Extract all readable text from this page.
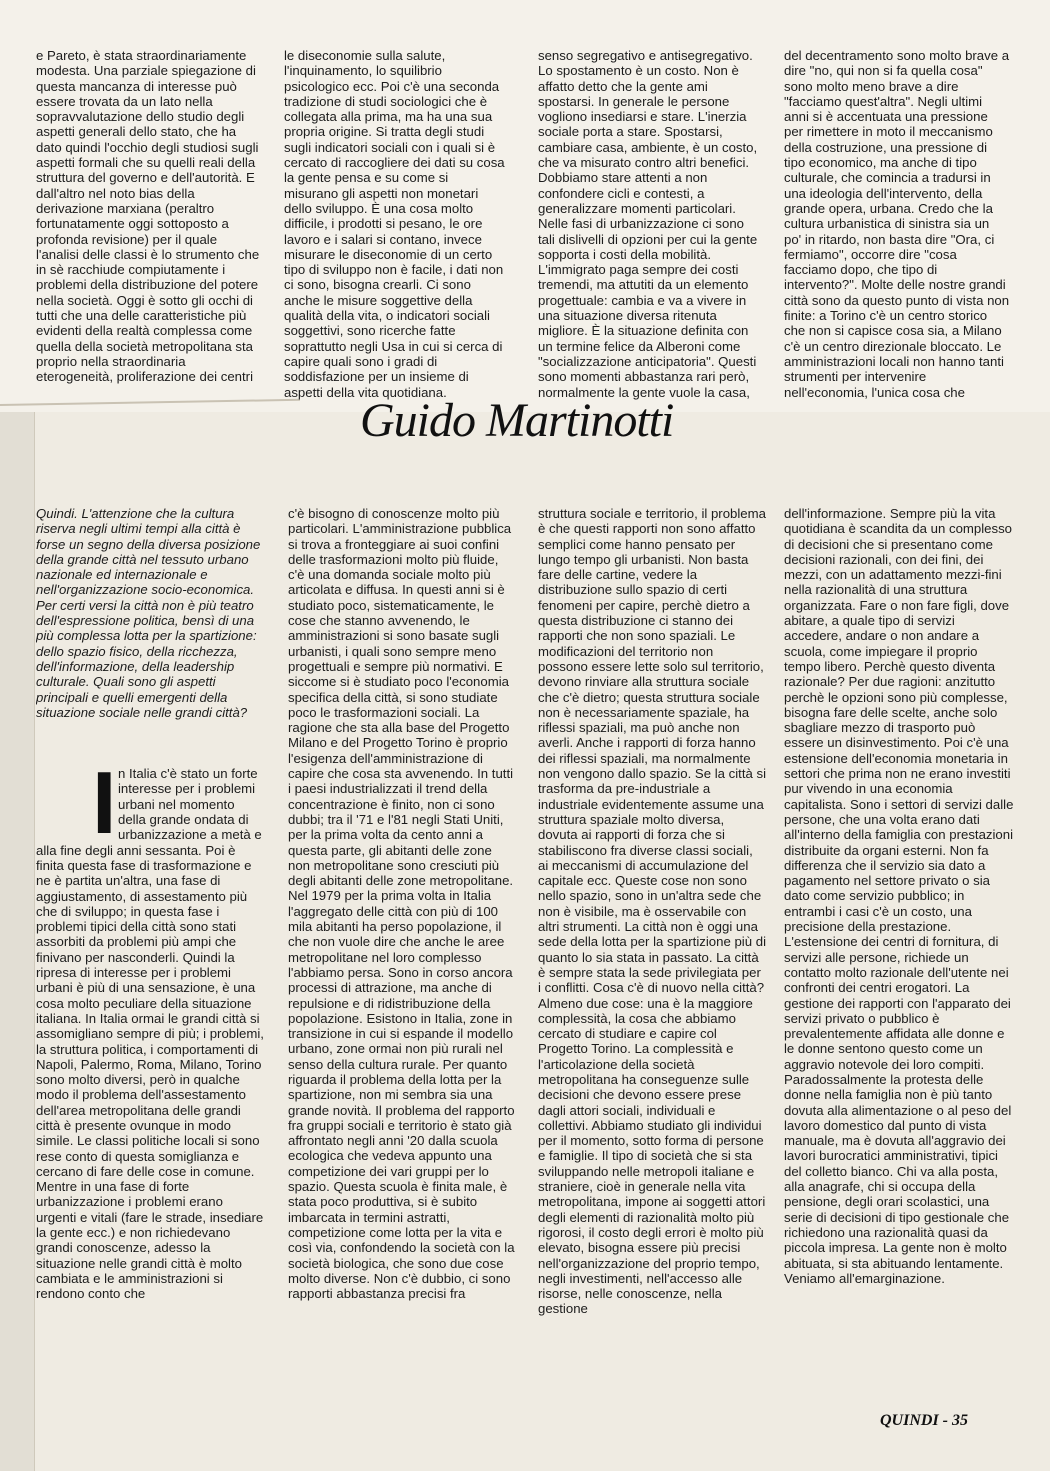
e Pareto, è stata straordinariamente modesta. Una parziale spiegazione di questa mancanza di interesse può essere trovata da un lato nella sopravvalutazione dello studio degli aspetti generali dello stato, che ha dato quindi l'occhio degli studiosi sugli aspetti formali che su quelli reali della struttura del governo e dell'autorità. E dall'altro nel noto bias della derivazione marxiana (peraltro fortunatamente oggi sottoposto a profonda revisione) per il quale l'analisi delle classi è lo strumento che in sè racchiude compiutamente i problemi della distribuzione del potere nella società. Oggi è sotto gli occhi di tutti che una delle caratteristiche più evidenti della realtà complessa come quella della società metropolitana sta proprio nella straordinaria eterogeneità, proliferazione dei centri
le diseconomie sulla salute, l'inquinamento, lo squilibrio psicologico ecc. Poi c'è una seconda tradizione di studi sociologici che è collegata alla prima, ma ha una sua propria origine. Si tratta degli studi sugli indicatori sociali con i quali si è cercato di raccogliere dei dati su cosa la gente pensa e su come si misurano gli aspetti non monetari dello sviluppo. È una cosa molto difficile, i prodotti si pesano, le ore lavoro e i salari si contano, invece misurare le diseconomie di un certo tipo di sviluppo non è facile, i dati non ci sono, bisogna crearli. Ci sono anche le misure soggettive della qualità della vita, o indicatori sociali soggettivi, sono ricerche fatte soprattutto negli Usa in cui si cerca di capire quali sono i gradi di soddisfazione per un insieme di aspetti della vita quotidiana.
senso segregativo e antisegregativo. Lo spostamento è un costo. Non è affatto detto che la gente ami spostarsi. In generale le persone vogliono insediarsi e stare. L'inerzia sociale porta a stare. Spostarsi, cambiare casa, ambiente, è un costo, che va misurato contro altri benefici. Dobbiamo stare attenti a non confondere cicli e contesti, a generalizzare momenti particolari. Nelle fasi di urbanizzazione ci sono tali dislivelli di opzioni per cui la gente sopporta i costi della mobilità. L'immigrato paga sempre dei costi tremendi, ma attutiti da un elemento progettuale: cambia e va a vivere in una situazione diversa ritenuta migliore. È la situazione definita con un termine felice da Alberoni come "socializzazione anticipatoria". Questi sono momenti abbastanza rari però, normalmente la gente vuole la casa,
del decentramento sono molto brave a dire "no, qui non si fa quella cosa" sono molto meno brave a dire "facciamo quest'altra". Negli ultimi anni si è accentuata una pressione per rimettere in moto il meccanismo della costruzione, una pressione di tipo economico, ma anche di tipo culturale, che comincia a tradursi in una ideologia dell'intervento, della grande opera, urbana. Credo che la cultura urbanistica di sinistra sia un po' in ritardo, non basta dire "Ora, ci fermiamo", occorre dire "cosa facciamo dopo, che tipo di intervento?". Molte delle nostre grandi città sono da questo punto di vista non finite: a Torino c'è un centro storico che non si capisce cosa sia, a Milano c'è un centro direzionale bloccato. Le amministrazioni locali non hanno tanti strumenti per intervenire nell'economia, l'unica cosa che
Guido Martinotti

Quindi. L'attenzione che la cultura riserva negli ultimi tempi alla città è forse un segno della diversa posizione della grande città nel tessuto urbano nazionale ed internazionale e nell'organizzazione socio-economica. Per certi versi la città non è più teatro dell'espressione politica, bensì di una più complessa lotta per la spartizione: dello spazio fisico, della ricchezza, dell'informazione, della leadership culturale. Quali sono gli aspetti principali e quelli emergenti della situazione sociale nelle grandi città?

I n Italia c'è stato un forte interesse per i problemi urbani nel momento della grande ondata di urbanizzazione a metà e alla fine degli anni sessanta. Poi è finita questa fase di trasformazione e ne è partita un'altra, una fase di aggiustamento, di assestamento più che di sviluppo; in questa fase i problemi tipici della città sono stati assorbiti da problemi più ampi che finivano per nasconderli. Quindi la ripresa di interesse per i problemi urbani è più di una sensazione, è una cosa molto peculiare della situazione italiana. In Italia ormai le grandi città si assomigliano sempre di più; i problemi, la struttura politica, i comportamenti di Napoli, Palermo, Roma, Milano, Torino sono molto diversi, però in qualche modo il problema dell'assestamento dell'area metropolitana delle grandi città è presente ovunque in modo simile. Le classi politiche locali si sono rese conto di questa somiglianza e cercano di fare delle cose in comune. Mentre in una fase di forte urbanizzazione i problemi erano urgenti e vitali (fare le strade, insediare la gente ecc.) e non richiedevano grandi conoscenze, adesso la situazione nelle grandi città è molto cambiata e le amministrazioni si rendono conto che
c'è bisogno di conoscenze molto più particolari. L'amministrazione pubblica si trova a fronteggiare ai suoi confini delle trasformazioni molto più fluide, c'è una domanda sociale molto più articolata e diffusa. In questi anni si è studiato poco, sistematicamente, le cose che stanno avvenendo, le amministrazioni si sono basate sugli urbanisti, i quali sono sempre meno progettuali e sempre più normativi. E siccome si è studiato poco l'economia specifica della città, si sono studiate poco le trasformazioni sociali. La ragione che sta alla base del Progetto Milano e del Progetto Torino è proprio l'esigenza dell'amministrazione di capire che cosa sta avvenendo. In tutti i paesi industrializzati il trend della concentrazione è finito, non ci sono dubbi; tra il '71 e l'81 negli Stati Uniti, per la prima volta da cento anni a questa parte, gli abitanti delle zone non metropolitane sono cresciuti più degli abitanti delle zone metropolitane. Nel 1979 per la prima volta in Italia l'aggregato delle città con più di 100 mila abitanti ha perso popolazione, il che non vuole dire che anche le aree metropolitane nel loro complesso l'abbiamo persa. Sono in corso ancora processi di attrazione, ma anche di repulsione e di ridistribuzione della popolazione. Esistono in Italia, zone in transizione in cui si espande il modello urbano, zone ormai non più rurali nel senso della cultura rurale. Per quanto riguarda il problema della lotta per la spartizione, non mi sembra sia una grande novità. Il problema del rapporto fra gruppi sociali e territorio è stato già affrontato negli anni '20 dalla scuola ecologica che vedeva appunto una competizione dei vari gruppi per lo spazio. Questa scuola è finita male, è stata poco produttiva, si è subito imbarcata in termini astratti, competizione come lotta per la vita e così via, confondendo la società con la società biologica, che sono due cose molto diverse. Non c'è dubbio, ci sono rapporti abbastanza precisi fra
struttura sociale e territorio, il problema è che questi rapporti non sono affatto semplici come hanno pensato per lungo tempo gli urbanisti. Non basta fare delle cartine, vedere la distribuzione sullo spazio di certi fenomeni per capire, perchè dietro a questa distribuzione ci stanno dei rapporti che non sono spaziali. Le modificazioni del territorio non possono essere lette solo sul territorio, devono rinviare alla struttura sociale che c'è dietro; questa struttura sociale non è necessariamente spaziale, ha riflessi spaziali, ma può anche non averli. Anche i rapporti di forza hanno dei riflessi spaziali, ma normalmente non vengono dallo spazio. Se la città si trasforma da pre-industriale a industriale evidentemente assume una struttura spaziale molto diversa, dovuta ai rapporti di forza che si stabiliscono fra diverse classi sociali, ai meccanismi di accumulazione del capitale ecc. Queste cose non sono nello spazio, sono in un'altra sede che non è visibile, ma è osservabile con altri strumenti. La città non è oggi una sede della lotta per la spartizione più di quanto lo sia stata in passato. La città è sempre stata la sede privilegiata per i conflitti. Cosa c'è di nuovo nella città? Almeno due cose: una è la maggiore complessità, la cosa che abbiamo cercato di studiare e capire col Progetto Torino. La complessità e l'articolazione della società metropolitana ha conseguenze sulle decisioni che devono essere prese dagli attori sociali, individuali e collettivi. Abbiamo studiato gli individui per il momento, sotto forma di persone e famiglie. Il tipo di società che si sta sviluppando nelle metropoli italiane e straniere, cioè in generale nella vita metropolitana, impone ai soggetti attori degli elementi di razionalità molto più rigorosi, il costo degli errori è molto più elevato, bisogna essere più precisi nell'organizzazione del proprio tempo, negli investimenti, nell'accesso alle risorse, nelle conoscenze, nella gestione
dell'informazione. Sempre più la vita quotidiana è scandita da un complesso di decisioni che si presentano come decisioni razionali, con dei fini, dei mezzi, con un adattamento mezzi-fini nella razionalità di una struttura organizzata. Fare o non fare figli, dove abitare, a quale tipo di servizi accedere, andare o non andare a scuola, come impiegare il proprio tempo libero. Perchè questo diventa razionale? Per due ragioni: anzitutto perchè le opzioni sono più complesse, bisogna fare delle scelte, anche solo sbagliare mezzo di trasporto può essere un disinvestimento. Poi c'è una estensione dell'economia monetaria in settori che prima non ne erano investiti pur vivendo in una economia capitalista. Sono i settori di servizi dalle persone, che una volta erano dati all'interno della famiglia con prestazioni distribuite da organi esterni. Non fa differenza che il servizio sia dato a pagamento nel settore privato o sia dato come servizio pubblico; in entrambi i casi c'è un costo, una precisione della prestazione. L'estensione dei centri di fornitura, di servizi alle persone, richiede un contatto molto razionale dell'utente nei confronti dei centri erogatori. La gestione dei rapporti con l'apparato dei servizi privato o pubblico è prevalentemente affidata alle donne e le donne sentono questo come un aggravio notevole dei loro compiti. Paradossalmente la protesta delle donne nella famiglia non è più tanto dovuta alla alimentazione o al peso del lavoro domestico dal punto di vista manuale, ma è dovuta all'aggravio dei lavori burocratici amministrativi, tipici del colletto bianco. Chi va alla posta, alla anagrafe, chi si occupa della pensione, degli orari scolastici, una serie di decisioni di tipo gestionale che richiedono una razionalità quasi da piccola impresa. La gente non è molto abituata, si sta abituando lentamente. Veniamo all'emarginazione.
QUINDI - 35
